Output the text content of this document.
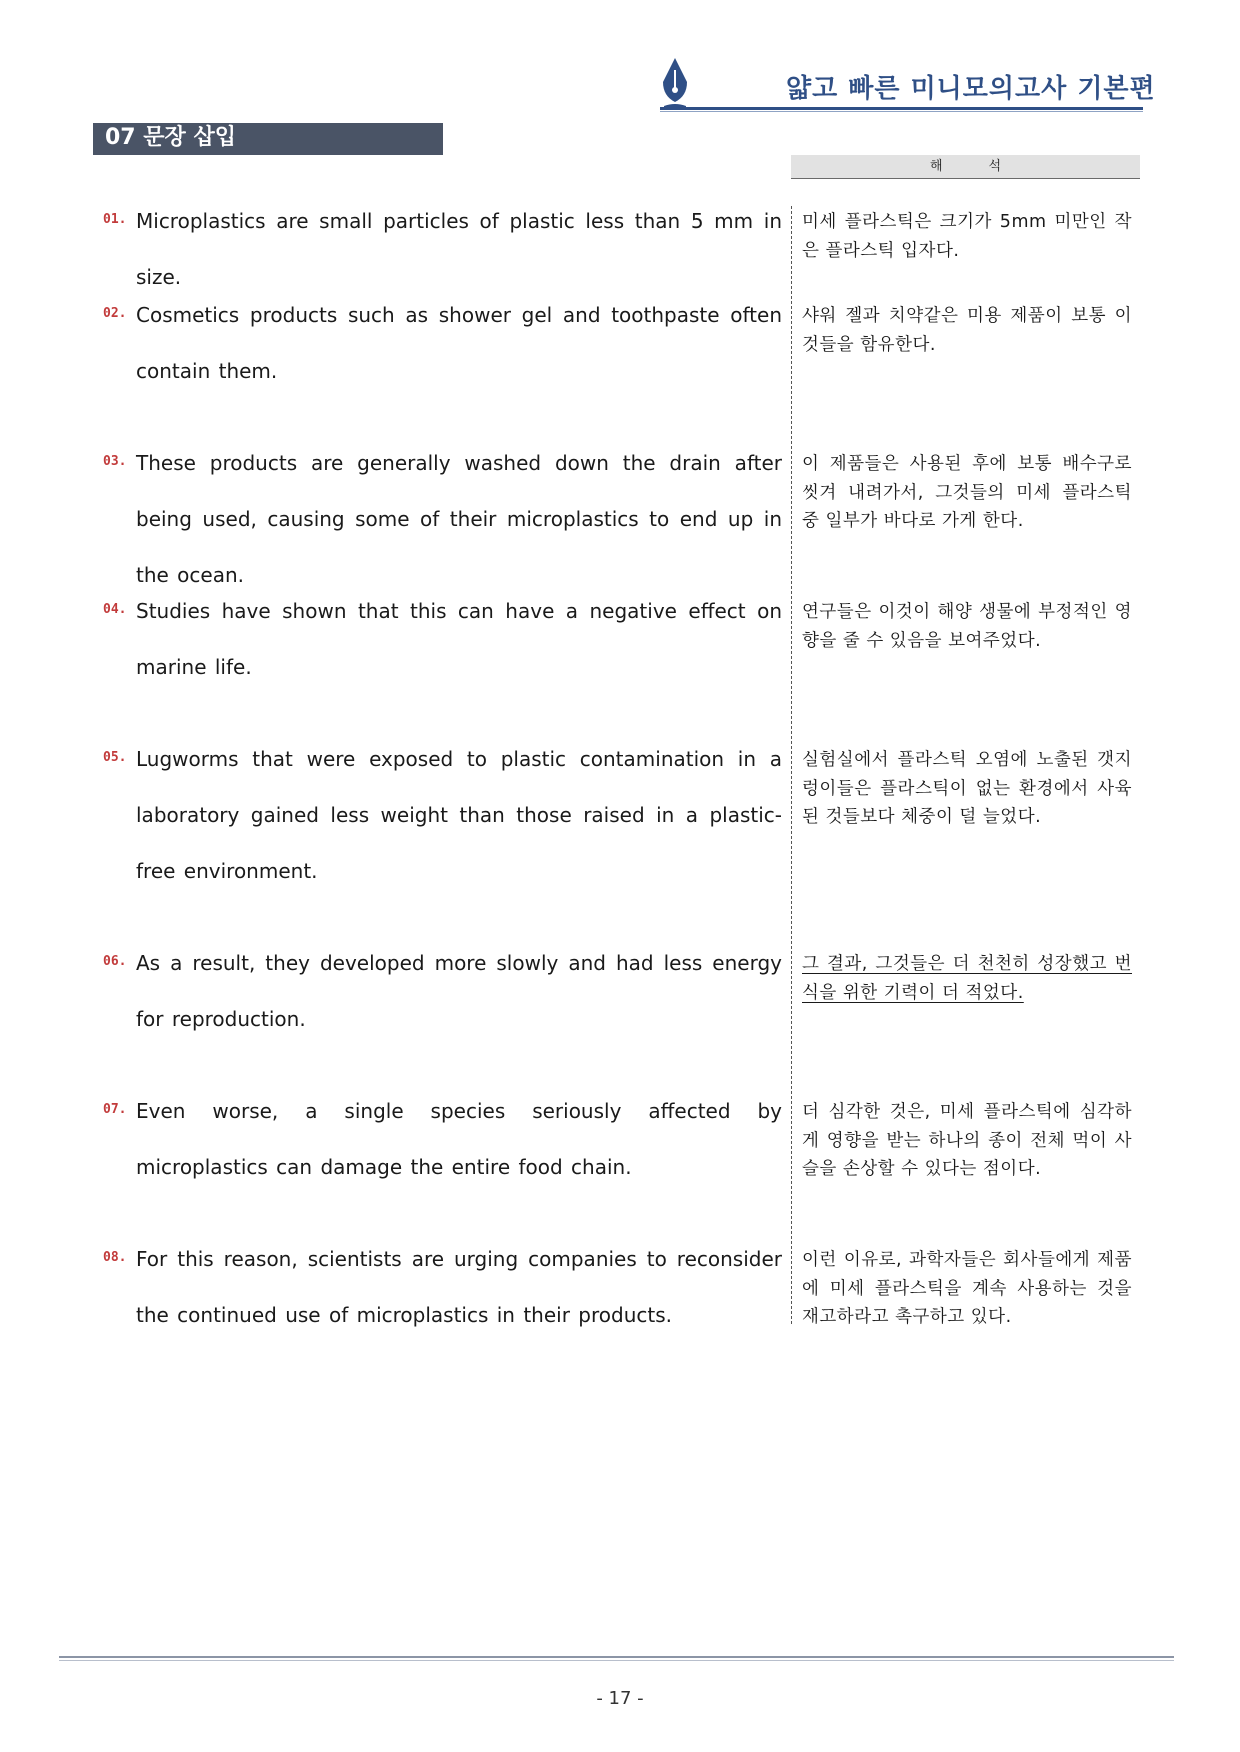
얇고 빠른 미니모의고사 기본편
07 문장 삽입
해석
01. Microplastics are small particles of plastic less than 5 mm in size.
미세 플라스틱은 크기가 5mm 미만인 작은 플라스틱 입자다.
02. Cosmetics products such as shower gel and toothpaste often contain them.
샤워 젤과 치약같은 미용 제품이 보통 이것들을 함유한다.
03. These products are generally washed down the drain after being used, causing some of their microplastics to end up in the ocean.
이 제품들은 사용된 후에 보통 배수구로 씻겨 내려가서, 그것들의 미세 플라스틱 중 일부가 바다로 가게 한다.
04. Studies have shown that this can have a negative effect on marine life.
연구들은 이것이 해양 생물에 부정적인 영향을 줄 수 있음을 보여주었다.
05. Lugworms that were exposed to plastic contamination in a laboratory gained less weight than those raised in a plastic-free environment.
실험실에서 플라스틱 오염에 노출된 갯지렁이들은 플라스틱이 없는 환경에서 사육된 것들보다 체중이 덜 늘었다.
06. As a result, they developed more slowly and had less energy for reproduction.
그 결과, 그것들은 더 천천히 성장했고 번식을 위한 기력이 더 적었다.
07. Even worse, a single species seriously affected by microplastics can damage the entire food chain.
더 심각한 것은, 미세 플라스틱에 심각하게 영향을 받는 하나의 종이 전체 먹이 사슬을 손상할 수 있다는 점이다.
08. For this reason, scientists are urging companies to reconsider the continued use of microplastics in their products.
이런 이유로, 과학자들은 회사들에게 제품에 미세 플라스틱을 계속 사용하는 것을 재고하라고 촉구하고 있다.
- 17 -
